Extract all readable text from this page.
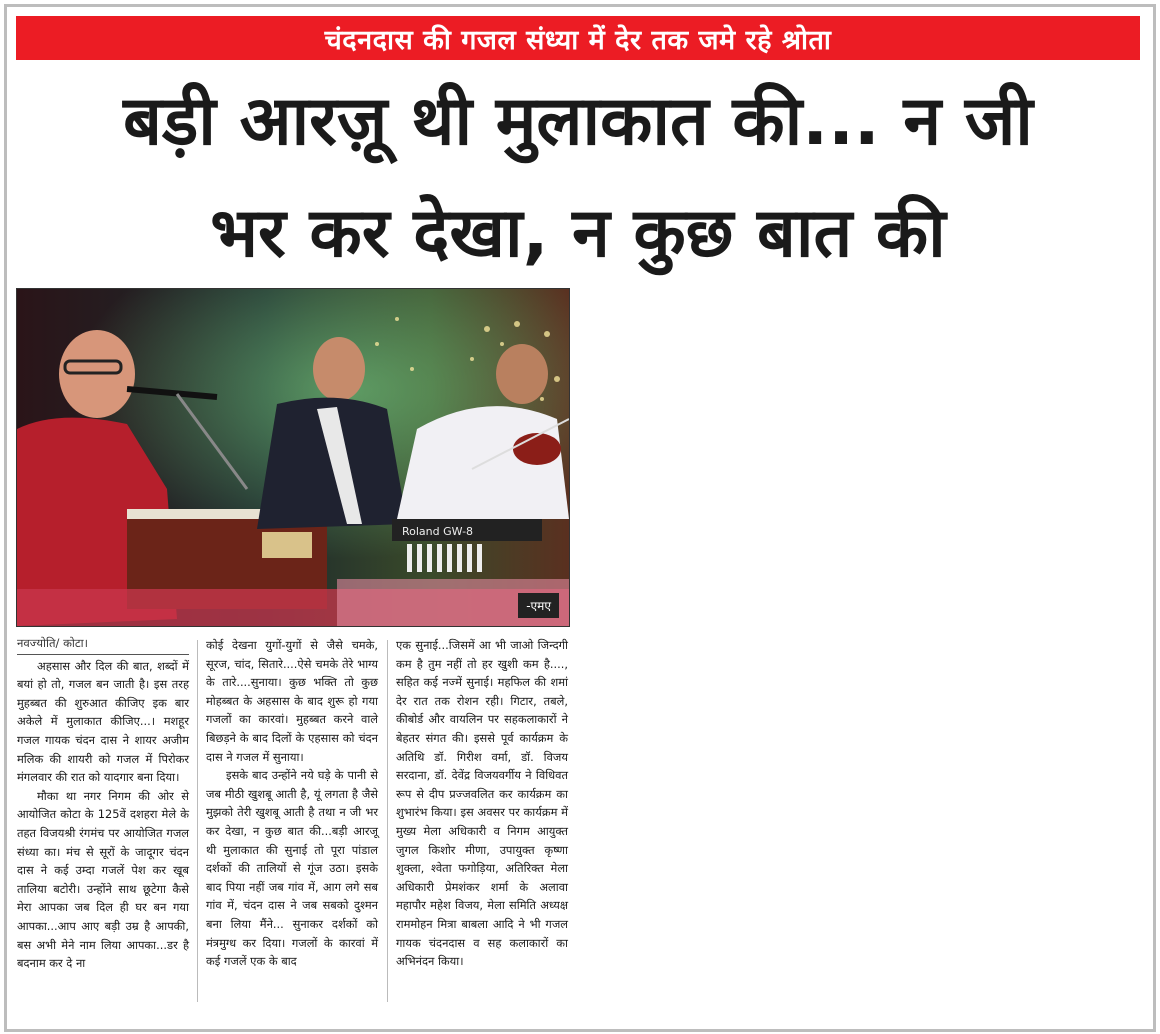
चंदनदास की गजल संध्या में देर तक जमे रहे श्रोता
बड़ी आरज़ू थी मुलाकात की... न जी
भर कर देखा, न कुछ बात की
Roland GW-8
-एमए
नवज्योति/ कोटा।

अहसास और दिल की बात, शब्दों में बयां हो तो, गजल बन जाती है। इस तरह मुहब्बत की शुरुआत कीजिए इक बार अकेले में मुलाकात कीजिए...। मशहूर गजल गायक चंदन दास ने शायर अजीम मलिक की शायरी को गजल में पिरोकर मंगलवार की रात को यादगार बना दिया।

मौका था नगर निगम की ओर से आयोजित कोटा के 125वें दशहरा मेले के तहत विजयश्री रंगमंच पर आयोजित गजल संध्या का। मंच से सूरों के जादूगर चंदन दास ने कई उम्दा गजलें पेश कर खूब तालिया बटोरी। उन्होंने साथ छूटेगा कैसे मेरा आपका जब दिल ही घर बन गया आपका...आप आए बड़ी उम्र है आपकी, बस अभी मेने नाम लिया आपका...डर है बदनाम कर दे ना

कोई देखना युगों-युगों से जैसे चमके, सूरज, चांद, सितारे....ऐसे चमके तेरे भाग्य के तारे....सुनाया। कुछ भक्ति तो कुछ मोहब्बत के अहसास के बाद शुरू हो गया गजलों का कारवां। मुहब्बत करने वाले बिछड़ने के बाद दिलों के एहसास को चंदन दास ने गजल में सुनाया।

इसके बाद उन्होंने नये घड़े के पानी से जब मीठी खुशबू आती है, यूं लगता है जैसे मुझको तेरी खुशबू आती है तथा न जी भर कर देखा, न कुछ बात की...बड़ी आरजू थी मुलाकात की सुनाई तो पूरा पांडाल दर्शकों की तालियों से गूंज उठा। इसके बाद पिया नहीं जब गांव में, आग लगे सब गांव में, चंदन दास ने जब सबको दुश्मन बना लिया मैंने... सुनाकर दर्शकों को मंत्रमुग्ध कर दिया। गजलों के कारवां में कई गजलें एक के बाद

एक सुनाई...जिसमें आ भी जाओ जिन्दगी कम है तुम नहीं तो हर खुशी कम है...., सहित कई नज्में सुनाई। महफिल की शमां देर रात तक रोशन रही। गिटार, तबले, कीबोर्ड और वायलिन पर सहकलाकारों ने बेहतर संगत की। इससे पूर्व कार्यक्रम के अतिथि डॉ. गिरीश वर्मा, डॉ. विजय सरदाना, डॉ. देवेंद्र विजयवर्गीय ने विधिवत रूप से दीप प्रज्जवलित कर कार्यक्रम का शुभारंभ किया। इस अवसर पर कार्यक्रम में मुख्य मेला अधिकारी व निगम आयुक्त जुगल किशोर मीणा, उपायुक्त कृष्णा शुक्ला, श्वेता फगोड़िया, अतिरिक्त मेला अधिकारी प्रेमशंकर शर्मा के अलावा महापौर महेश विजय, मेला समिति अध्यक्ष राममोहन मित्रा बाबला आदि ने भी गजल गायक चंदनदास व सह कलाकारों का अभिनंदन किया।
